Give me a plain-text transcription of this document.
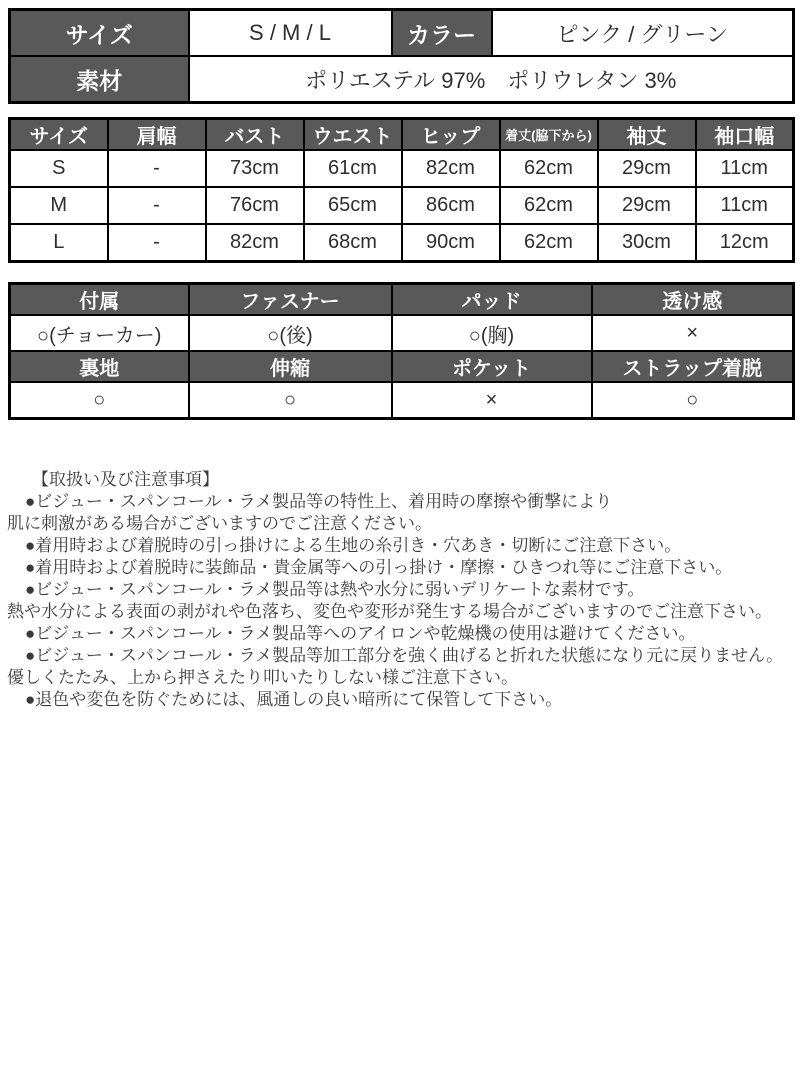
サイズ	S / M / L	カラー	ピンク / グリーン
素材	ポリエステル 97%　ポリウレタン 3%		
サイズ	肩幅	バスト	ウエスト	ヒップ	着丈(脇下から)	袖丈	袖口幅
S	-	73cm	61cm	82cm	62cm	29cm	11cm
M	-	76cm	65cm	86cm	62cm	29cm	11cm
L	-	82cm	68cm	90cm	62cm	30cm	12cm
付属	ファスナー	パッド	透け感
○(チョーカー)	○(後)	○(胸)	×
裏地	伸縮	ポケット	ストラップ着脱
○	○	×	○
【取扱い及び注意事項】
●ビジュー・スパンコール・ラメ製品等の特性上、着用時の摩擦や衝撃により
肌に刺激がある場合がございますのでご注意ください。
●着用時および着脱時の引っ掛けによる生地の糸引き・穴あき・切断にご注意下さい。
●着用時および着脱時に装飾品・貴金属等への引っ掛け・摩擦・ひきつれ等にご注意下さい。
●ビジュー・スパンコール・ラメ製品等は熱や水分に弱いデリケートな素材です。
熱や水分による表面の剥がれや色落ち、変色や変形が発生する場合がございますのでご注意下さい。
●ビジュー・スパンコール・ラメ製品等へのアイロンや乾燥機の使用は避けてください。
●ビジュー・スパンコール・ラメ製品等加工部分を強く曲げると折れた状態になり元に戻りません。
優しくたたみ、上から押さえたり叩いたりしない様ご注意下さい。
●退色や変色を防ぐためには、風通しの良い暗所にて保管して下さい。
